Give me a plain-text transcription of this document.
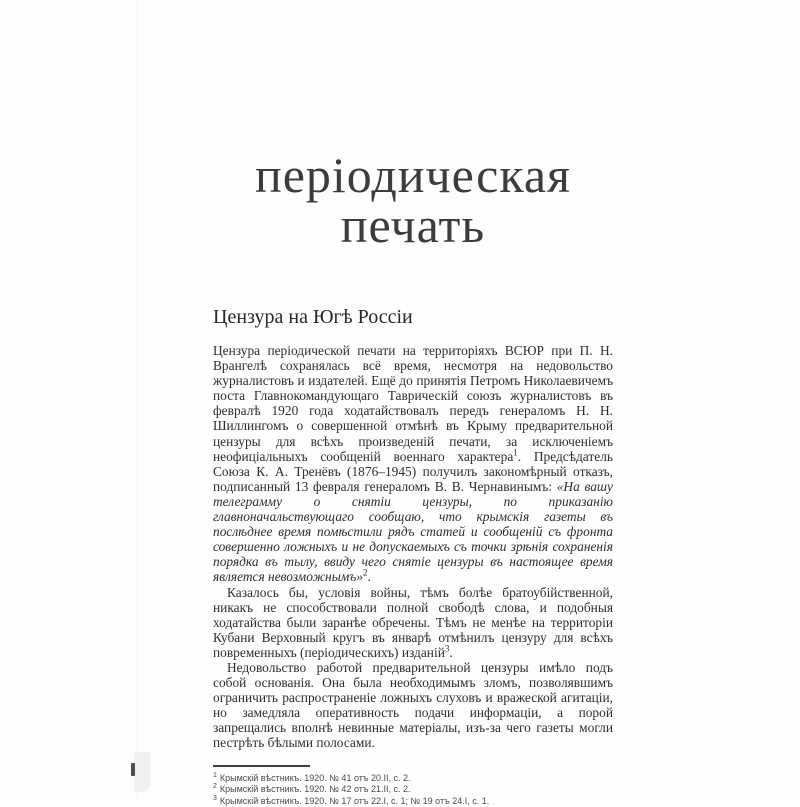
періодическая
печать
Цензура на Югѣ Россіи

Цензура періодической печати на территоріяхъ ВСЮР при П. Н. Врангелѣ сохранялась всё время, несмотря на недовольство журналистовъ и издателей. Ещё до принятія Петромъ Николаевичемъ поста Главнокомандующаго Таврическій союзъ журналистовъ въ февралѣ 1920 года ходатайствовалъ передъ генераломъ Н. Н. Шиллингомъ о совершенной отмѣнѣ въ Крыму предварительной цензуры для всѣхъ произведеній печати, за исключеніемъ неофиціальныхъ сообщеній военнаго характера$^1$. Предсѣдатель Союза К. А. Тренёвъ (1876–1945) получилъ закономѣрный отказъ, подписанный 13 февраля генераломъ В. В. Чернавинымъ: «На вашу телеграмму о снятіи цензуры, по приказанію главноначальствующаго сообщаю, что крымскія газеты въ послѣднее время помѣстили рядъ статей и сообщеній съ фронта совершенно ложныхъ и не допускаемыхъ съ точки зрѣнія сохраненія порядка въ тылу, ввиду чего снятіе цензуры въ настоящее время является невозможнымъ»$^2$.

Казалось бы, условія войны, тѣмъ болѣе братоубійственной, никакъ не способствовали полной свободѣ слова, и подобныя ходатайства были заранѣе обречены. Тѣмъ не менѣе на территоріи Кубани Верховный кругъ въ январѣ отмѣнилъ цензуру для всѣхъ повременныхъ (періодическихъ) изданій$^3$.

Недовольство работой предварительной цензуры имѣло подъ собой основанія. Она была необходимымъ зломъ, позволявшимъ ограничить распространеніе ложныхъ слуховъ и вражеской агитаціи, но замедляла оперативность подачи информаціи, а порой запрещались вполнѣ невинные матеріалы, изъ-за чего газеты могли пестрѣть бѣлыми полосами.

$^1$ Крымскій вѣстникъ. 1920. № 41 отъ 20.II, с. 2.

$^2$ Крымскій вѣстникъ. 1920. № 42 отъ 21.II, с. 2.

$^3$ Крымскій вѣстникъ. 1920. № 17 отъ 22.I, с. 1; № 19 отъ 24.I, с. 1.
